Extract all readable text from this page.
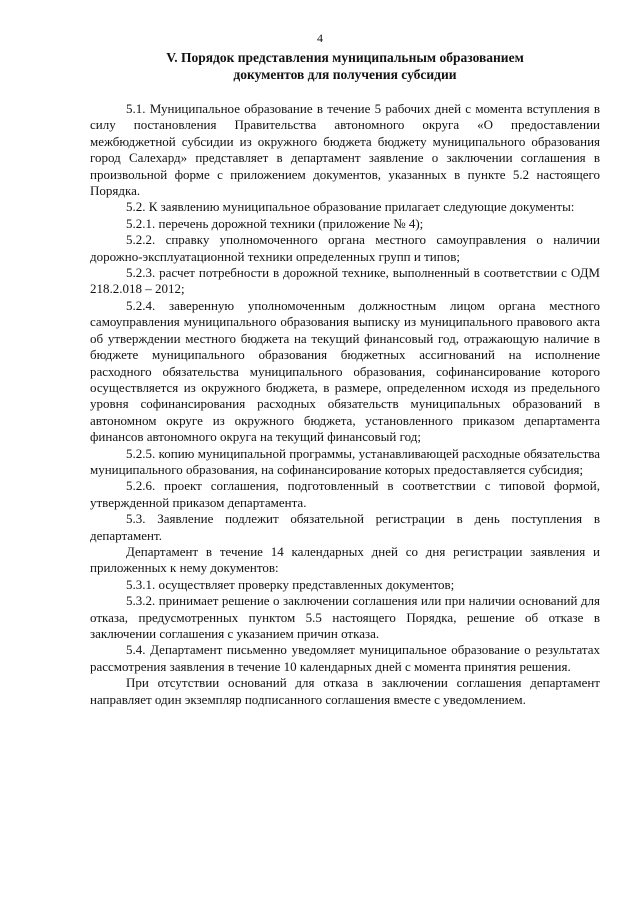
4
V. Порядок представления муниципальным образованием
документов для получения субсидии

5.1. Муниципальное образование в течение 5 рабочих дней с момента вступления в силу постановления Правительства автономного округа «О предоставлении межбюджетной субсидии из окружного бюджета бюджету муниципального образования город Салехард» представляет в департамент заявление о заключении соглашения в произвольной форме с приложением документов, указанных в пункте 5.2 настоящего Порядка.

5.2. К заявлению муниципальное образование прилагает следующие документы:

5.2.1. перечень дорожной техники (приложение № 4);

5.2.2. справку уполномоченного органа местного самоуправления о наличии дорожно-эксплуатационной техники определенных групп и типов;

5.2.3. расчет потребности в дорожной технике, выполненный в соответствии с ОДМ 218.2.018 – 2012;

5.2.4. заверенную уполномоченным должностным лицом органа местного самоуправления муниципального образования выписку из муниципального правового акта об утверждении местного бюджета на текущий финансовый год, отражающую наличие в бюджете муниципального образования бюджетных ассигнований на исполнение расходного обязательства муниципального образования, софинансирование которого осуществляется из окружного бюджета, в размере, определенном исходя из предельного уровня софинансирования расходных обязательств муниципальных образований в автономном округе из окружного бюджета, установленного приказом департамента финансов автономного округа на текущий финансовый год;

5.2.5. копию муниципальной программы, устанавливающей расходные обязательства муниципального образования, на софинансирование которых предоставляется субсидия;

5.2.6. проект соглашения, подготовленный в соответствии с типовой формой, утвержденной приказом департамента.

5.3. Заявление подлежит обязательной регистрации в день поступления в департамент.

Департамент в течение 14 календарных дней со дня регистрации заявления и приложенных к нему документов:

5.3.1. осуществляет проверку представленных документов;

5.3.2. принимает решение о заключении соглашения или при наличии оснований для отказа, предусмотренных пунктом 5.5 настоящего Порядка, решение об отказе в заключении соглашения с указанием причин отказа.

5.4. Департамент письменно уведомляет муниципальное образование о результатах рассмотрения заявления в течение 10 календарных дней с момента принятия решения.

При отсутствии оснований для отказа в заключении соглашения департамент направляет один экземпляр подписанного соглашения вместе с уведомлением.
